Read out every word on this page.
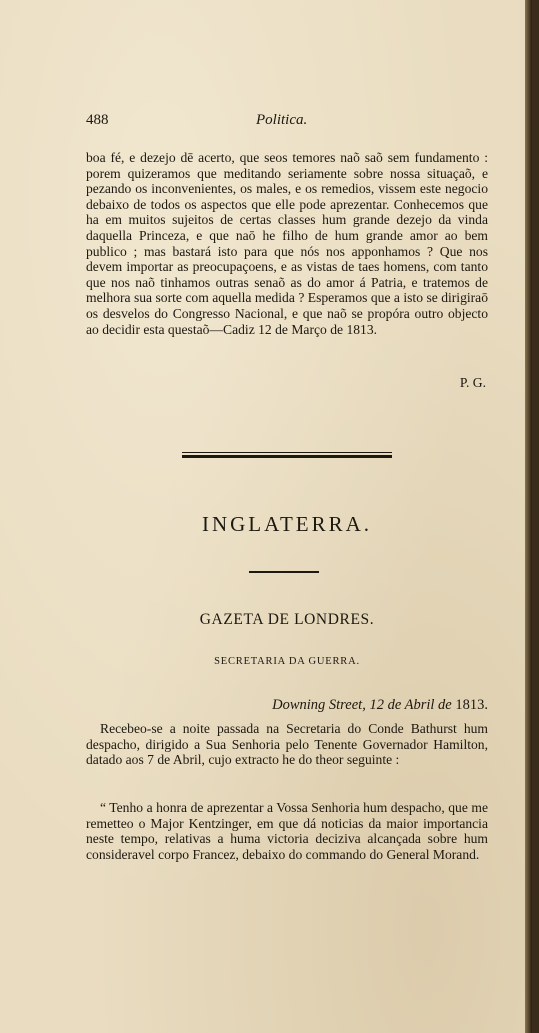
488	Politica.

boa fé, e dezejo dē acerto, que seos temores naõ saõ sem fundamento : porem quizeramos que meditando seriamente sobre nossa situaçaõ, e pezando os inconvenientes, os males, e os remedios, vissem este negocio debaixo de todos os aspectos que elle pode aprezentar. Conhecemos que ha em muitos sujeitos de certas classes hum grande dezejo da vinda daquella Princeza, e que naō he filho de hum grande amor ao bem publico ; mas bastará isto para que nós nos apponhamos ? Que nos devem importar as preocupaçoens, e as vistas de taes homens, com tanto que nos naõ tinhamos outras senaõ as do amor á Patria, e tratemos de melhora sua sorte com aquella medida ? Esperamos que a isto se dirigiraō os desvelos do Congresso Nacional, e que naõ se propóra outro objecto ao decidir esta questaõ—Cadiz 12 de Março de 1813.

P. G.
INGLATERRA.
GAZETA DE LONDRES.
SECRETARIA DA GUERRA.
Downing Street, 12 de Abril de 1813.

Recebeo-se a noite passada na Secretaria do Conde Bathurst hum despacho, dirigido a Sua Senhoria pelo Tenente Governador Hamilton, datado aos 7 de Abril, cujo extracto he do theor seguinte :

“ Tenho a honra de aprezentar a Vossa Senhoria hum despacho, que me remetteo o Major Kentzinger, em que dá noticias da maior importancia neste tempo, relativas a huma victoria deciziva alcançada sobre hum consideravel corpo Francez, debaixo do commando do General Morand.
